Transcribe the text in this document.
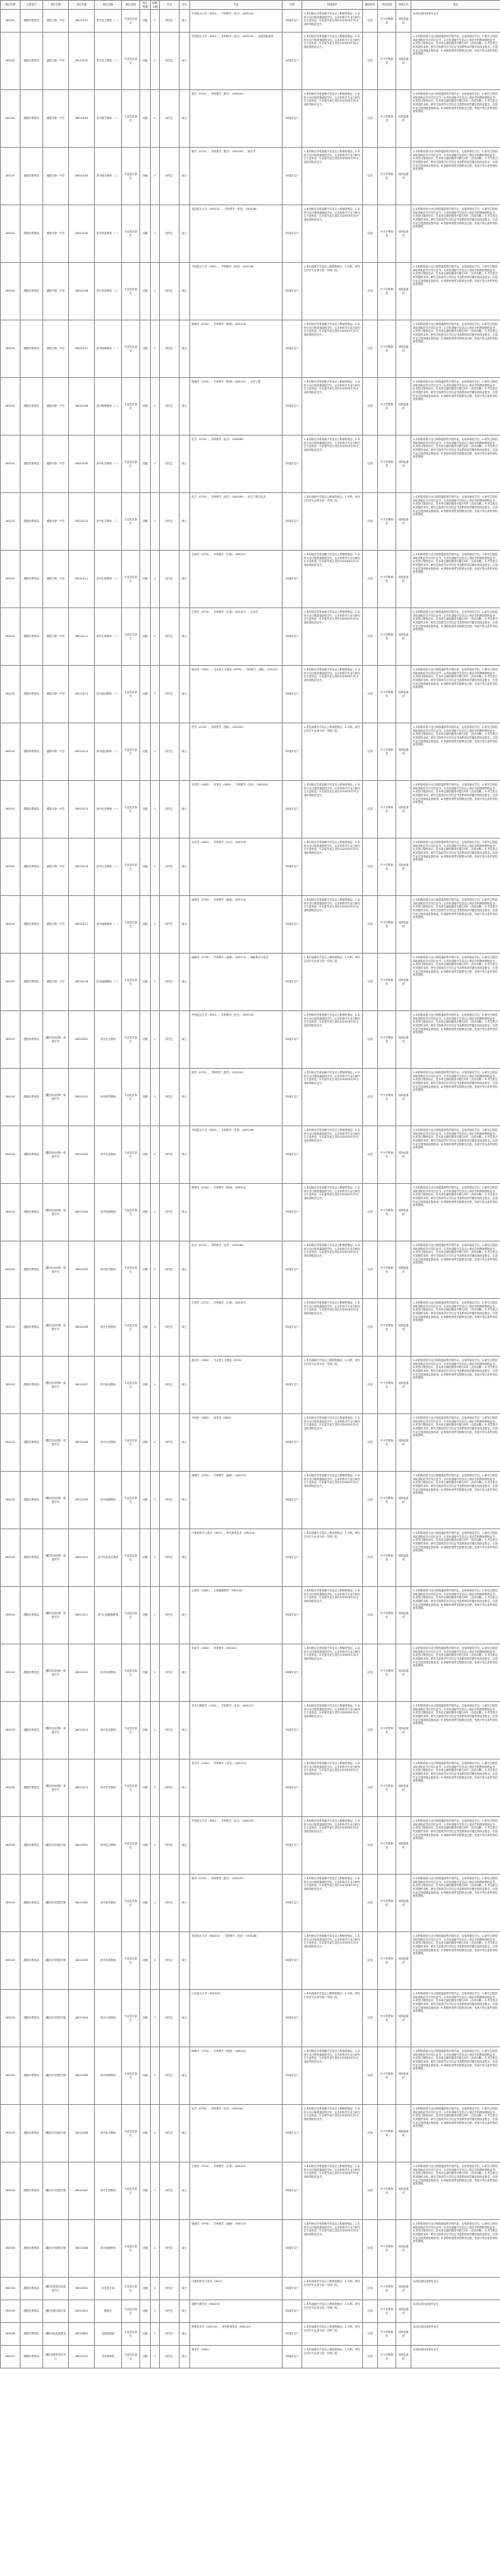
单位代码	主管部门	单位名称	岗位代码	岗位名称	岗位类别	岗位等级	招聘人数	学历	学位	专业	年龄	其他条件	面试形式	考试类别	考核方式	备注
260101	濮阳市教育局	濮阳市第一中学	26010101	高中语文教师（一）	专业技术岗位	初级	1	研究生	硕士	中国语言文学（0501）、学科教学（语文）（045103）	35周岁以下	1.具有相应学科高级中学及以上教师资格证；2.本科为全日制普通高校学历，且本科所学专业与研究生专业相近；3.应届毕业生须在2024年8月31日前取得相应证书。	试讲	中小学教师类	结构化面试	本岗位面向高校毕业生
260101	濮阳市教育局	濮阳市第一中学	26010102	高中语文教师（二）	专业技术岗位	初级	1	研究生	硕士	中国语言文学（0501）、学科教学（语文）（045103）、汉语国际教育	35周岁以下	1.具有相应学科高级中学及以上教师资格证；2.本科为全日制普通高校学历，且本科所学专业与研究生专业相近；3.应届毕业生须在2024年8月31日前取得相应证书。	试讲	中小学教师类	结构化面试	1.本科阶段须为全日制普通高等学校毕业，且取得相应学位；2.研究生阶段须取得相应学历学位证书；3.具有高级中学及以上相应学科教师资格证书；4.须签订服务协议，在本单位最低服务年限为5年（含试用期）；5.考生报名时须提供本科、研究生阶段学历学位证书及教育部学籍在线验证报告，应届毕业生提供就业推荐表；6.资格审查贯穿招聘全过程，发现不符合条件的取消其资格。
260101	濮阳市教育局	濮阳市第一中学	26010103	高中数学教师（一）	专业技术岗位	初级	1	研究生	硕士	数学（0701）、学科教学（数学）（045104）	35周岁以下	1.具有相应学科高级中学及以上教师资格证；2.本科为全日制普通高校学历，且本科所学专业与研究生专业相近；3.应届毕业生须在2024年8月31日前取得相应证书。	试讲	中小学教师类	结构化面试	1.本科阶段须为全日制普通高等学校毕业，且取得相应学位；2.研究生阶段须取得相应学历学位证书；3.具有高级中学及以上相应学科教师资格证书；4.须签订服务协议，在本单位最低服务年限为5年（含试用期）；5.考生报名时须提供本科、研究生阶段学历学位证书及教育部学籍在线验证报告，应届毕业生提供就业推荐表；6.资格审查贯穿招聘全过程，发现不符合条件的取消其资格。
260101	濮阳市教育局	濮阳市第一中学	26010104	高中数学教师（二）	专业技术岗位	初级	1	研究生	硕士	数学（0701）、学科教学（数学）（045104）、统计学	35周岁以下	1.具有相应学科高级中学及以上教师资格证；2.本科为全日制普通高校学历，且本科所学专业与研究生专业相近；3.应届毕业生须在2024年8月31日前取得相应证书。	试讲	中小学教师类	结构化面试	1.本科阶段须为全日制普通高等学校毕业，且取得相应学位；2.研究生阶段须取得相应学历学位证书；3.具有高级中学及以上相应学科教师资格证书；4.须签订服务协议，在本单位最低服务年限为5年（含试用期）；5.考生报名时须提供本科、研究生阶段学历学位证书及教育部学籍在线验证报告，应届毕业生提供就业推荐表；6.资格审查贯穿招聘全过程，发现不符合条件的取消其资格。
260101	濮阳市教育局	濮阳市第一中学	26010105	高中英语教师（一）	专业技术岗位	初级	1	研究生	硕士	英语语言文学（050201）、学科教学（英语）（045108）	35周岁以下	1.具有相应学科高级中学及以上教师资格证；2.本科为全日制普通高校学历，且本科所学专业与研究生专业相近；3.应届毕业生须在2024年8月31日前取得相应证书。	试讲	中小学教师类	结构化面试	1.本科阶段须为全日制普通高等学校毕业，且取得相应学位；2.研究生阶段须取得相应学历学位证书；3.具有高级中学及以上相应学科教师资格证书；4.须签订服务协议，在本单位最低服务年限为5年（含试用期）；5.考生报名时须提供本科、研究生阶段学历学位证书及教育部学籍在线验证报告，应届毕业生提供就业推荐表；6.资格审查贯穿招聘全过程，发现不符合条件的取消其资格。
260101	濮阳市教育局	濮阳市第一中学	26010106	高中英语教师（二）	专业技术岗位	初级	1	研究生	硕士	外国语言文学（0502）、学科教学（英语）（045108）	35周岁以下	1.具有高级中学及以上教师资格证；2.本科、研究生所学专业须为同一学科门类。	试讲	中小学教师类	结构化面试	1.本科阶段须为全日制普通高等学校毕业，且取得相应学位；2.研究生阶段须取得相应学历学位证书；3.具有高级中学及以上相应学科教师资格证书；4.须签订服务协议，在本单位最低服务年限为5年（含试用期）；5.考生报名时须提供本科、研究生阶段学历学位证书及教育部学籍在线验证报告，应届毕业生提供就业推荐表；6.资格审查贯穿招聘全过程，发现不符合条件的取消其资格。
260101	濮阳市教育局	濮阳市第一中学	26010107	高中物理教师（一）	专业技术岗位	初级	1	研究生	硕士	物理学（0702）、学科教学（物理）（045105）	35周岁以下	1.具有相应学科高级中学及以上教师资格证；2.本科为全日制普通高校学历，且本科所学专业与研究生专业相近；3.应届毕业生须在2024年8月31日前取得相应证书。	试讲	中小学教师类	结构化面试	1.本科阶段须为全日制普通高等学校毕业，且取得相应学位；2.研究生阶段须取得相应学历学位证书；3.具有高级中学及以上相应学科教师资格证书；4.须签订服务协议，在本单位最低服务年限为5年（含试用期）；5.考生报名时须提供本科、研究生阶段学历学位证书及教育部学籍在线验证报告，应届毕业生提供就业推荐表；6.资格审查贯穿招聘全过程，发现不符合条件的取消其资格。
260101	濮阳市教育局	濮阳市第一中学	26010108	高中物理教师（二）	专业技术岗位	初级	1	研究生	硕士	物理学（0702）、学科教学（物理）（045105）、光学工程	35周岁以下	1.具有相应学科高级中学及以上教师资格证；2.本科为全日制普通高校学历，且本科所学专业与研究生专业相近；3.应届毕业生须在2024年8月31日前取得相应证书。	试讲	中小学教师类	结构化面试	1.本科阶段须为全日制普通高等学校毕业，且取得相应学位；2.研究生阶段须取得相应学历学位证书；3.具有高级中学及以上相应学科教师资格证书；4.须签订服务协议，在本单位最低服务年限为5年（含试用期）；5.考生报名时须提供本科、研究生阶段学历学位证书及教育部学籍在线验证报告，应届毕业生提供就业推荐表；6.资格审查贯穿招聘全过程，发现不符合条件的取消其资格。
260101	濮阳市教育局	濮阳市第一中学	26010109	高中化学教师（一）	专业技术岗位	初级	1	研究生	硕士	化学（0703）、学科教学（化学）（045106）	35周岁以下	1.具有相应学科高级中学及以上教师资格证；2.本科为全日制普通高校学历，且本科所学专业与研究生专业相近；3.应届毕业生须在2024年8月31日前取得相应证书。	试讲	中小学教师类	结构化面试	1.本科阶段须为全日制普通高等学校毕业，且取得相应学位；2.研究生阶段须取得相应学历学位证书；3.具有高级中学及以上相应学科教师资格证书；4.须签订服务协议，在本单位最低服务年限为5年（含试用期）；5.考生报名时须提供本科、研究生阶段学历学位证书及教育部学籍在线验证报告，应届毕业生提供就业推荐表；6.资格审查贯穿招聘全过程，发现不符合条件的取消其资格。
260101	濮阳市教育局	濮阳市第一中学	26010110	高中化学教师（二）	专业技术岗位	初级	1	研究生	硕士	化学（0703）、学科教学（化学）（045106）、化学工程与技术	35周岁以下	1.具有高级中学及以上教师资格证；2.本科、研究生所学专业须为同一学科门类。	试讲	中小学教师类	结构化面试	1.本科阶段须为全日制普通高等学校毕业，且取得相应学位；2.研究生阶段须取得相应学历学位证书；3.具有高级中学及以上相应学科教师资格证书；4.须签订服务协议，在本单位最低服务年限为5年（含试用期）；5.考生报名时须提供本科、研究生阶段学历学位证书及教育部学籍在线验证报告，应届毕业生提供就业推荐表；6.资格审查贯穿招聘全过程，发现不符合条件的取消其资格。
260101	濮阳市教育局	濮阳市第一中学	26010111	高中生物教师（一）	专业技术岗位	初级	1	研究生	硕士	生物学（0710）、学科教学（生物）（045107）	35周岁以下	1.具有相应学科高级中学及以上教师资格证；2.本科为全日制普通高校学历，且本科所学专业与研究生专业相近；3.应届毕业生须在2024年8月31日前取得相应证书。	试讲	中小学教师类	结构化面试	1.本科阶段须为全日制普通高等学校毕业，且取得相应学位；2.研究生阶段须取得相应学历学位证书；3.具有高级中学及以上相应学科教师资格证书；4.须签订服务协议，在本单位最低服务年限为5年（含试用期）；5.考生报名时须提供本科、研究生阶段学历学位证书及教育部学籍在线验证报告，应届毕业生提供就业推荐表；6.资格审查贯穿招聘全过程，发现不符合条件的取消其资格。
260101	濮阳市教育局	濮阳市第一中学	26010112	高中生物教师（二）	专业技术岗位	初级	1	研究生	硕士	生物学（0710）、学科教学（生物）（045107）、生态学	35周岁以下	1.具有相应学科高级中学及以上教师资格证；2.本科为全日制普通高校学历，且本科所学专业与研究生专业相近；3.应届毕业生须在2024年8月31日前取得相应证书。	试讲	中小学教师类	结构化面试	1.本科阶段须为全日制普通高等学校毕业，且取得相应学位；2.研究生阶段须取得相应学历学位证书；3.具有高级中学及以上相应学科教师资格证书；4.须签订服务协议，在本单位最低服务年限为5年（含试用期）；5.考生报名时须提供本科、研究生阶段学历学位证书及教育部学籍在线验证报告，应届毕业生提供就业推荐表；6.资格审查贯穿招聘全过程，发现不符合条件的取消其资格。
260101	濮阳市教育局	濮阳市第一中学	26010113	高中政治教师（一）	专业技术岗位	初级	1	研究生	硕士	政治学（0302）、马克思主义理论（0305）、学科教学（思政）（045102）	35周岁以下	1.具有相应学科高级中学及以上教师资格证；2.本科为全日制普通高校学历，且本科所学专业与研究生专业相近；3.应届毕业生须在2024年8月31日前取得相应证书。	试讲	中小学教师类	结构化面试	1.本科阶段须为全日制普通高等学校毕业，且取得相应学位；2.研究生阶段须取得相应学历学位证书；3.具有高级中学及以上相应学科教师资格证书；4.须签订服务协议，在本单位最低服务年限为5年（含试用期）；5.考生报名时须提供本科、研究生阶段学历学位证书及教育部学籍在线验证报告，应届毕业生提供就业推荐表；6.资格审查贯穿招聘全过程，发现不符合条件的取消其资格。
260101	濮阳市教育局	濮阳市第一中学	26010114	高中政治教师（二）	专业技术岗位	初级	1	研究生	硕士	哲学（0101）、学科教学（思政）（045102）	35周岁以下	1.具有高级中学及以上教师资格证；2.本科、研究生所学专业须为同一学科门类。	试讲	中小学教师类	结构化面试	1.本科阶段须为全日制普通高等学校毕业，且取得相应学位；2.研究生阶段须取得相应学历学位证书；3.具有高级中学及以上相应学科教师资格证书；4.须签订服务协议，在本单位最低服务年限为5年（含试用期）；5.考生报名时须提供本科、研究生阶段学历学位证书及教育部学籍在线验证报告，应届毕业生提供就业推荐表；6.资格审查贯穿招聘全过程，发现不符合条件的取消其资格。
260101	濮阳市教育局	濮阳市第一中学	26010115	高中历史教师（一）	专业技术岗位	初级	1	研究生	硕士	中国史（0602）、世界史（0603）、学科教学（历史）（045109）	35周岁以下	1.具有相应学科高级中学及以上教师资格证；2.本科为全日制普通高校学历，且本科所学专业与研究生专业相近；3.应届毕业生须在2024年8月31日前取得相应证书。	试讲	中小学教师类	结构化面试	1.本科阶段须为全日制普通高等学校毕业，且取得相应学位；2.研究生阶段须取得相应学历学位证书；3.具有高级中学及以上相应学科教师资格证书；4.须签订服务协议，在本单位最低服务年限为5年（含试用期）；5.考生报名时须提供本科、研究生阶段学历学位证书及教育部学籍在线验证报告，应届毕业生提供就业推荐表；6.资格审查贯穿招聘全过程，发现不符合条件的取消其资格。
260101	濮阳市教育局	濮阳市第一中学	26010116	高中历史教师（二）	专业技术岗位	初级	1	研究生	硕士	历史学（0601）、学科教学（历史）（045109）	35周岁以下	1.具有相应学科高级中学及以上教师资格证；2.本科为全日制普通高校学历，且本科所学专业与研究生专业相近；3.应届毕业生须在2024年8月31日前取得相应证书。	试讲	中小学教师类	结构化面试	1.本科阶段须为全日制普通高等学校毕业，且取得相应学位；2.研究生阶段须取得相应学历学位证书；3.具有高级中学及以上相应学科教师资格证书；4.须签订服务协议，在本单位最低服务年限为5年（含试用期）；5.考生报名时须提供本科、研究生阶段学历学位证书及教育部学籍在线验证报告，应届毕业生提供就业推荐表；6.资格审查贯穿招聘全过程，发现不符合条件的取消其资格。
260101	濮阳市教育局	濮阳市第一中学	26010117	高中地理教师（一）	专业技术岗位	初级	1	研究生	硕士	地理学（0705）、学科教学（地理）（045110）	35周岁以下	1.具有相应学科高级中学及以上教师资格证；2.本科为全日制普通高校学历，且本科所学专业与研究生专业相近；3.应届毕业生须在2024年8月31日前取得相应证书。	试讲	中小学教师类	结构化面试	1.本科阶段须为全日制普通高等学校毕业，且取得相应学位；2.研究生阶段须取得相应学历学位证书；3.具有高级中学及以上相应学科教师资格证书；4.须签订服务协议，在本单位最低服务年限为5年（含试用期）；5.考生报名时须提供本科、研究生阶段学历学位证书及教育部学籍在线验证报告，应届毕业生提供就业推荐表；6.资格审查贯穿招聘全过程，发现不符合条件的取消其资格。
260101	濮阳市教育局	濮阳市第一中学	26010118	高中地理教师（二）	专业技术岗位	初级	1	研究生	硕士	地理学（0705）、学科教学（地理）（045110）、测绘科学与技术	35周岁以下	1.具有高级中学及以上教师资格证；2.本科、研究生所学专业须为同一学科门类。	试讲	中小学教师类	结构化面试	1.本科阶段须为全日制普通高等学校毕业，且取得相应学位；2.研究生阶段须取得相应学历学位证书；3.具有高级中学及以上相应学科教师资格证书；4.须签订服务协议，在本单位最低服务年限为5年（含试用期）；5.考生报名时须提供本科、研究生阶段学历学位证书及教育部学籍在线验证报告，应届毕业生提供就业推荐表；6.资格审查贯穿招聘全过程，发现不符合条件的取消其资格。
260102	濮阳市教育局	濮阳市油田第一高级中学	26010201	高中语文教师	专业技术岗位	初级	1	研究生	硕士	中国语言文学（0501）、学科教学（语文）（045103）	35周岁以下	1.具有相应学科高级中学及以上教师资格证；2.本科为全日制普通高校学历，且本科所学专业与研究生专业相近；3.应届毕业生须在2024年8月31日前取得相应证书。	试讲	中小学教师类	结构化面试	1.本科阶段须为全日制普通高等学校毕业，且取得相应学位；2.研究生阶段须取得相应学历学位证书；3.具有高级中学及以上相应学科教师资格证书；4.须签订服务协议，在本单位最低服务年限为5年（含试用期）；5.考生报名时须提供本科、研究生阶段学历学位证书及教育部学籍在线验证报告，应届毕业生提供就业推荐表；6.资格审查贯穿招聘全过程，发现不符合条件的取消其资格。
260102	濮阳市教育局	濮阳市油田第一高级中学	26010202	高中数学教师	专业技术岗位	初级	1	研究生	硕士	数学（0701）、学科教学（数学）（045104）	35周岁以下	1.具有相应学科高级中学及以上教师资格证；2.本科为全日制普通高校学历，且本科所学专业与研究生专业相近；3.应届毕业生须在2024年8月31日前取得相应证书。	试讲	中小学教师类	结构化面试	1.本科阶段须为全日制普通高等学校毕业，且取得相应学位；2.研究生阶段须取得相应学历学位证书；3.具有高级中学及以上相应学科教师资格证书；4.须签订服务协议，在本单位最低服务年限为5年（含试用期）；5.考生报名时须提供本科、研究生阶段学历学位证书及教育部学籍在线验证报告，应届毕业生提供就业推荐表；6.资格审查贯穿招聘全过程，发现不符合条件的取消其资格。
260102	濮阳市教育局	濮阳市油田第一高级中学	26010203	高中英语教师	专业技术岗位	初级	1	研究生	硕士	外国语言文学（0502）、学科教学（英语）（045108）	35周岁以下	1.具有相应学科高级中学及以上教师资格证；2.本科为全日制普通高校学历，且本科所学专业与研究生专业相近；3.应届毕业生须在2024年8月31日前取得相应证书。	试讲	中小学教师类	结构化面试	1.本科阶段须为全日制普通高等学校毕业，且取得相应学位；2.研究生阶段须取得相应学历学位证书；3.具有高级中学及以上相应学科教师资格证书；4.须签订服务协议，在本单位最低服务年限为5年（含试用期）；5.考生报名时须提供本科、研究生阶段学历学位证书及教育部学籍在线验证报告，应届毕业生提供就业推荐表；6.资格审查贯穿招聘全过程，发现不符合条件的取消其资格。
260102	濮阳市教育局	濮阳市油田第一高级中学	26010204	高中物理教师	专业技术岗位	初级	1	研究生	硕士	物理学（0702）、学科教学（物理）（045105）	35周岁以下	1.具有相应学科高级中学及以上教师资格证；2.本科为全日制普通高校学历，且本科所学专业与研究生专业相近；3.应届毕业生须在2024年8月31日前取得相应证书。	试讲	中小学教师类	结构化面试	1.本科阶段须为全日制普通高等学校毕业，且取得相应学位；2.研究生阶段须取得相应学历学位证书；3.具有高级中学及以上相应学科教师资格证书；4.须签订服务协议，在本单位最低服务年限为5年（含试用期）；5.考生报名时须提供本科、研究生阶段学历学位证书及教育部学籍在线验证报告，应届毕业生提供就业推荐表；6.资格审查贯穿招聘全过程，发现不符合条件的取消其资格。
260102	濮阳市教育局	濮阳市油田第一高级中学	26010205	高中化学教师	专业技术岗位	初级	1	研究生	硕士	化学（0703）、学科教学（化学）（045106）	35周岁以下	1.具有相应学科高级中学及以上教师资格证；2.本科为全日制普通高校学历，且本科所学专业与研究生专业相近；3.应届毕业生须在2024年8月31日前取得相应证书。	试讲	中小学教师类	结构化面试	1.本科阶段须为全日制普通高等学校毕业，且取得相应学位；2.研究生阶段须取得相应学历学位证书；3.具有高级中学及以上相应学科教师资格证书；4.须签订服务协议，在本单位最低服务年限为5年（含试用期）；5.考生报名时须提供本科、研究生阶段学历学位证书及教育部学籍在线验证报告，应届毕业生提供就业推荐表；6.资格审查贯穿招聘全过程，发现不符合条件的取消其资格。
260102	濮阳市教育局	濮阳市油田第一高级中学	26010206	高中生物教师	专业技术岗位	初级	1	研究生	硕士	生物学（0710）、学科教学（生物）（045107）	35周岁以下	1.具有相应学科高级中学及以上教师资格证；2.本科为全日制普通高校学历，且本科所学专业与研究生专业相近；3.应届毕业生须在2024年8月31日前取得相应证书。	试讲	中小学教师类	结构化面试	1.本科阶段须为全日制普通高等学校毕业，且取得相应学位；2.研究生阶段须取得相应学历学位证书；3.具有高级中学及以上相应学科教师资格证书；4.须签订服务协议，在本单位最低服务年限为5年（含试用期）；5.考生报名时须提供本科、研究生阶段学历学位证书及教育部学籍在线验证报告，应届毕业生提供就业推荐表；6.资格审查贯穿招聘全过程，发现不符合条件的取消其资格。
260102	濮阳市教育局	濮阳市油田第一高级中学	26010207	高中政治教师	专业技术岗位	初级	1	研究生	硕士	政治学（0302）、马克思主义理论（0305）	35周岁以下	1.具有高级中学及以上教师资格证；2.本科、研究生所学专业须为同一学科门类。	试讲	中小学教师类	结构化面试	1.本科阶段须为全日制普通高等学校毕业，且取得相应学位；2.研究生阶段须取得相应学历学位证书；3.具有高级中学及以上相应学科教师资格证书；4.须签订服务协议，在本单位最低服务年限为5年（含试用期）；5.考生报名时须提供本科、研究生阶段学历学位证书及教育部学籍在线验证报告，应届毕业生提供就业推荐表；6.资格审查贯穿招聘全过程，发现不符合条件的取消其资格。
260102	濮阳市教育局	濮阳市油田第一高级中学	26010208	高中历史教师	专业技术岗位	初级	1	研究生	硕士	中国史（0602）、世界史（0603）	35周岁以下	1.具有相应学科高级中学及以上教师资格证；2.本科为全日制普通高校学历，且本科所学专业与研究生专业相近；3.应届毕业生须在2024年8月31日前取得相应证书。	试讲	中小学教师类	结构化面试	1.本科阶段须为全日制普通高等学校毕业，且取得相应学位；2.研究生阶段须取得相应学历学位证书；3.具有高级中学及以上相应学科教师资格证书；4.须签订服务协议，在本单位最低服务年限为5年（含试用期）；5.考生报名时须提供本科、研究生阶段学历学位证书及教育部学籍在线验证报告，应届毕业生提供就业推荐表；6.资格审查贯穿招聘全过程，发现不符合条件的取消其资格。
260102	濮阳市教育局	濮阳市油田第一高级中学	26010209	高中地理教师	专业技术岗位	初级	1	研究生	硕士	地理学（0705）、学科教学（地理）（045110）	35周岁以下	1.具有相应学科高级中学及以上教师资格证；2.本科为全日制普通高校学历，且本科所学专业与研究生专业相近；3.应届毕业生须在2024年8月31日前取得相应证书。	试讲	中小学教师类	结构化面试	1.本科阶段须为全日制普通高等学校毕业，且取得相应学位；2.研究生阶段须取得相应学历学位证书；3.具有高级中学及以上相应学科教师资格证书；4.须签订服务协议，在本单位最低服务年限为5年（含试用期）；5.考生报名时须提供本科、研究生阶段学历学位证书及教育部学籍在线验证报告，应届毕业生提供就业推荐表；6.资格审查贯穿招聘全过程，发现不符合条件的取消其资格。
260102	濮阳市教育局	濮阳市油田第一高级中学	26010210	高中信息技术教师	专业技术岗位	初级	1	研究生	硕士	计算机科学与技术（0812）、现代教育技术（045114）	35周岁以下	1.具有高级中学及以上教师资格证；2.本科、研究生所学专业须为同一学科门类。	试讲	中小学教师类	结构化面试	1.本科阶段须为全日制普通高等学校毕业，且取得相应学位；2.研究生阶段须取得相应学历学位证书；3.具有高级中学及以上相应学科教师资格证书；4.须签订服务协议，在本单位最低服务年限为5年（含试用期）；5.考生报名时须提供本科、研究生阶段学历学位证书及教育部学籍在线验证报告，应届毕业生提供就业推荐表；6.资格审查贯穿招聘全过程，发现不符合条件的取消其资格。
260102	濮阳市教育局	濮阳市油田第一高级中学	26010211	高中心理健康教师	专业技术岗位	初级	1	研究生	硕士	心理学（0402）、心理健康教育（045116）	35周岁以下	1.具有相应学科高级中学及以上教师资格证；2.本科为全日制普通高校学历，且本科所学专业与研究生专业相近；3.应届毕业生须在2024年8月31日前取得相应证书。	试讲	中小学教师类	结构化面试	1.本科阶段须为全日制普通高等学校毕业，且取得相应学位；2.研究生阶段须取得相应学历学位证书；3.具有高级中学及以上相应学科教师资格证书；4.须签订服务协议，在本单位最低服务年限为5年（含试用期）；5.考生报名时须提供本科、研究生阶段学历学位证书及教育部学籍在线验证报告，应届毕业生提供就业推荐表；6.资格审查贯穿招聘全过程，发现不符合条件的取消其资格。
260102	濮阳市教育局	濮阳市油田第一高级中学	26010212	高中体育教师	专业技术岗位	初级	1	研究生	硕士	体育学（0403）、体育教学（045201）	35周岁以下	1.具有相应学科高级中学及以上教师资格证；2.本科为全日制普通高校学历，且本科所学专业与研究生专业相近；3.应届毕业生须在2024年8月31日前取得相应证书。	试讲	中小学教师类	结构化面试	1.本科阶段须为全日制普通高等学校毕业，且取得相应学位；2.研究生阶段须取得相应学历学位证书；3.具有高级中学及以上相应学科教师资格证书；4.须签订服务协议，在本单位最低服务年限为5年（含试用期）；5.考生报名时须提供本科、研究生阶段学历学位证书及教育部学籍在线验证报告，应届毕业生提供就业推荐表；6.资格审查贯穿招聘全过程，发现不符合条件的取消其资格。
260102	濮阳市教育局	濮阳市油田第一高级中学	26010213	高中音乐教师	专业技术岗位	初级	1	研究生	硕士	音乐与舞蹈学（1302）、学科教学（音乐）（045111）	35周岁以下	1.具有相应学科高级中学及以上教师资格证；2.本科为全日制普通高校学历，且本科所学专业与研究生专业相近；3.应届毕业生须在2024年8月31日前取得相应证书。	试讲	中小学教师类	结构化面试	1.本科阶段须为全日制普通高等学校毕业，且取得相应学位；2.研究生阶段须取得相应学历学位证书；3.具有高级中学及以上相应学科教师资格证书；4.须签订服务协议，在本单位最低服务年限为5年（含试用期）；5.考生报名时须提供本科、研究生阶段学历学位证书及教育部学籍在线验证报告，应届毕业生提供就业推荐表；6.资格审查贯穿招聘全过程，发现不符合条件的取消其资格。
260102	濮阳市教育局	濮阳市油田第一高级中学	26010214	高中美术教师	专业技术岗位	初级	1	研究生	硕士	美术学（1304）、学科教学（美术）（045113）	35周岁以下	1.具有相应学科高级中学及以上教师资格证；2.本科为全日制普通高校学历，且本科所学专业与研究生专业相近；3.应届毕业生须在2024年8月31日前取得相应证书。	试讲	中小学教师类	结构化面试	1.本科阶段须为全日制普通高等学校毕业，且取得相应学位；2.研究生阶段须取得相应学历学位证书；3.具有高级中学及以上相应学科教师资格证书；4.须签订服务协议，在本单位最低服务年限为5年（含试用期）；5.考生报名时须提供本科、研究生阶段学历学位证书及教育部学籍在线验证报告，应届毕业生提供就业推荐表；6.资格审查贯穿招聘全过程，发现不符合条件的取消其资格。
260103	濮阳市教育局	濮阳市外国语学校	26010301	高中语文教师	专业技术岗位	初级	1	研究生	硕士	中国语言文学（0501）、学科教学（语文）（045103）	35周岁以下	1.具有相应学科高级中学及以上教师资格证；2.本科为全日制普通高校学历，且本科所学专业与研究生专业相近；3.应届毕业生须在2024年8月31日前取得相应证书。	试讲	中小学教师类	结构化面试	1.本科阶段须为全日制普通高等学校毕业，且取得相应学位；2.研究生阶段须取得相应学历学位证书；3.具有高级中学及以上相应学科教师资格证书；4.须签订服务协议，在本单位最低服务年限为5年（含试用期）；5.考生报名时须提供本科、研究生阶段学历学位证书及教育部学籍在线验证报告，应届毕业生提供就业推荐表；6.资格审查贯穿招聘全过程，发现不符合条件的取消其资格。
260103	濮阳市教育局	濮阳市外国语学校	26010302	高中数学教师	专业技术岗位	初级	1	研究生	硕士	数学（0701）、学科教学（数学）（045104）	35周岁以下	1.具有相应学科高级中学及以上教师资格证；2.本科为全日制普通高校学历，且本科所学专业与研究生专业相近；3.应届毕业生须在2024年8月31日前取得相应证书。	试讲	中小学教师类	结构化面试	1.本科阶段须为全日制普通高等学校毕业，且取得相应学位；2.研究生阶段须取得相应学历学位证书；3.具有高级中学及以上相应学科教师资格证书；4.须签订服务协议，在本单位最低服务年限为5年（含试用期）；5.考生报名时须提供本科、研究生阶段学历学位证书及教育部学籍在线验证报告，应届毕业生提供就业推荐表；6.资格审查贯穿招聘全过程，发现不符合条件的取消其资格。
260103	濮阳市教育局	濮阳市外国语学校	26010303	高中英语教师	专业技术岗位	初级	1	研究生	硕士	英语语言文学（050201）、学科教学（英语）（045108）	35周岁以下	1.具有相应学科高级中学及以上教师资格证；2.本科为全日制普通高校学历，且本科所学专业与研究生专业相近；3.应届毕业生须在2024年8月31日前取得相应证书。	试讲	中小学教师类	结构化面试	1.本科阶段须为全日制普通高等学校毕业，且取得相应学位；2.研究生阶段须取得相应学历学位证书；3.具有高级中学及以上相应学科教师资格证书；4.须签订服务协议，在本单位最低服务年限为5年（含试用期）；5.考生报名时须提供本科、研究生阶段学历学位证书及教育部学籍在线验证报告，应届毕业生提供就业推荐表；6.资格审查贯穿招聘全过程，发现不符合条件的取消其资格。
260103	濮阳市教育局	濮阳市外国语学校	26010304	高中日语教师	专业技术岗位	初级	1	研究生	硕士	日语语言文学（050205）	35周岁以下	1.具有高级中学及以上教师资格证；2.本科、研究生所学专业须为同一学科门类。	试讲	中小学教师类	结构化面试	1.本科阶段须为全日制普通高等学校毕业，且取得相应学位；2.研究生阶段须取得相应学历学位证书；3.具有高级中学及以上相应学科教师资格证书；4.须签订服务协议，在本单位最低服务年限为5年（含试用期）；5.考生报名时须提供本科、研究生阶段学历学位证书及教育部学籍在线验证报告，应届毕业生提供就业推荐表；6.资格审查贯穿招聘全过程，发现不符合条件的取消其资格。
260103	濮阳市教育局	濮阳市外国语学校	26010305	高中物理教师	专业技术岗位	初级	1	研究生	硕士	物理学（0702）、学科教学（物理）（045105）	35周岁以下	1.具有相应学科高级中学及以上教师资格证；2.本科为全日制普通高校学历，且本科所学专业与研究生专业相近；3.应届毕业生须在2024年8月31日前取得相应证书。	试讲	中小学教师类	结构化面试	1.本科阶段须为全日制普通高等学校毕业，且取得相应学位；2.研究生阶段须取得相应学历学位证书；3.具有高级中学及以上相应学科教师资格证书；4.须签订服务协议，在本单位最低服务年限为5年（含试用期）；5.考生报名时须提供本科、研究生阶段学历学位证书及教育部学籍在线验证报告，应届毕业生提供就业推荐表；6.资格审查贯穿招聘全过程，发现不符合条件的取消其资格。
260103	濮阳市教育局	濮阳市外国语学校	26010306	高中化学教师	专业技术岗位	初级	1	研究生	硕士	化学（0703）、学科教学（化学）（045106）	35周岁以下	1.具有相应学科高级中学及以上教师资格证；2.本科为全日制普通高校学历，且本科所学专业与研究生专业相近；3.应届毕业生须在2024年8月31日前取得相应证书。	试讲	中小学教师类	结构化面试	1.本科阶段须为全日制普通高等学校毕业，且取得相应学位；2.研究生阶段须取得相应学历学位证书；3.具有高级中学及以上相应学科教师资格证书；4.须签订服务协议，在本单位最低服务年限为5年（含试用期）；5.考生报名时须提供本科、研究生阶段学历学位证书及教育部学籍在线验证报告，应届毕业生提供就业推荐表；6.资格审查贯穿招聘全过程，发现不符合条件的取消其资格。
260103	濮阳市教育局	濮阳市外国语学校	26010307	高中生物教师	专业技术岗位	初级	1	研究生	硕士	生物学（0710）、学科教学（生物）（045107）	35周岁以下	1.具有相应学科高级中学及以上教师资格证；2.本科为全日制普通高校学历，且本科所学专业与研究生专业相近；3.应届毕业生须在2024年8月31日前取得相应证书。	试讲	中小学教师类	结构化面试	1.本科阶段须为全日制普通高等学校毕业，且取得相应学位；2.研究生阶段须取得相应学历学位证书；3.具有高级中学及以上相应学科教师资格证书；4.须签订服务协议，在本单位最低服务年限为5年（含试用期）；5.考生报名时须提供本科、研究生阶段学历学位证书及教育部学籍在线验证报告，应届毕业生提供就业推荐表；6.资格审查贯穿招聘全过程，发现不符合条件的取消其资格。
260103	濮阳市教育局	濮阳市外国语学校	26010308	高中地理教师	专业技术岗位	初级	1	研究生	硕士	地理学（0705）、学科教学（地理）（045110）	35周岁以下	1.具有相应学科高级中学及以上教师资格证；2.本科为全日制普通高校学历，且本科所学专业与研究生专业相近；3.应届毕业生须在2024年8月31日前取得相应证书。	试讲	中小学教师类	结构化面试	1.本科阶段须为全日制普通高等学校毕业，且取得相应学位；2.研究生阶段须取得相应学历学位证书；3.具有高级中学及以上相应学科教师资格证书；4.须签订服务协议，在本单位最低服务年限为5年（含试用期）；5.考生报名时须提供本科、研究生阶段学历学位证书及教育部学籍在线验证报告，应届毕业生提供就业推荐表；6.资格审查贯穿招聘全过程，发现不符合条件的取消其资格。
260104	濮阳市教育局	濮阳市教育技术装备中心	26010401	信息技术岗	专业技术岗位	初级	1	研究生	硕士	计算机科学与技术（0812）	35周岁以下	1.具有高级中学及以上教师资格证；2.本科、研究生所学专业须为同一学科门类。	试讲	中小学教师类	结构化面试	本岗位面向高校毕业生
260105	濮阳市教育局	濮阳市教学研究室	26010501	教研员	专业技术岗位	初级	1	研究生	硕士	课程与教学论（040102）	35周岁以下	1.具有高级中学及以上教师资格证；2.本科、研究生所学专业须为同一学科门类。	试讲	中小学教师类	结构化面试	本岗位面向高校毕业生
260106	濮阳市教育局	濮阳市电化教育馆	26010601	电教管理岗	专业技术岗位	初级	1	研究生	硕士	教育技术学（040110）、现代教育技术（045114）	35周岁以下	1.具有高级中学及以上教师资格证；2.本科、研究生所学专业须为同一学科门类。	试讲	中小学教师类	结构化面试	本岗位面向高校毕业生
260107	濮阳市教育局	濮阳市教育考试中心	26010701	考务管理岗	专业技术岗位	初级	1	研究生	硕士	教育学（0401）	35周岁以下	1.具有高级中学及以上教师资格证；2.本科、研究生所学专业须为同一学科门类。	试讲	中小学教师类	结构化面试	本岗位面向高校毕业生
